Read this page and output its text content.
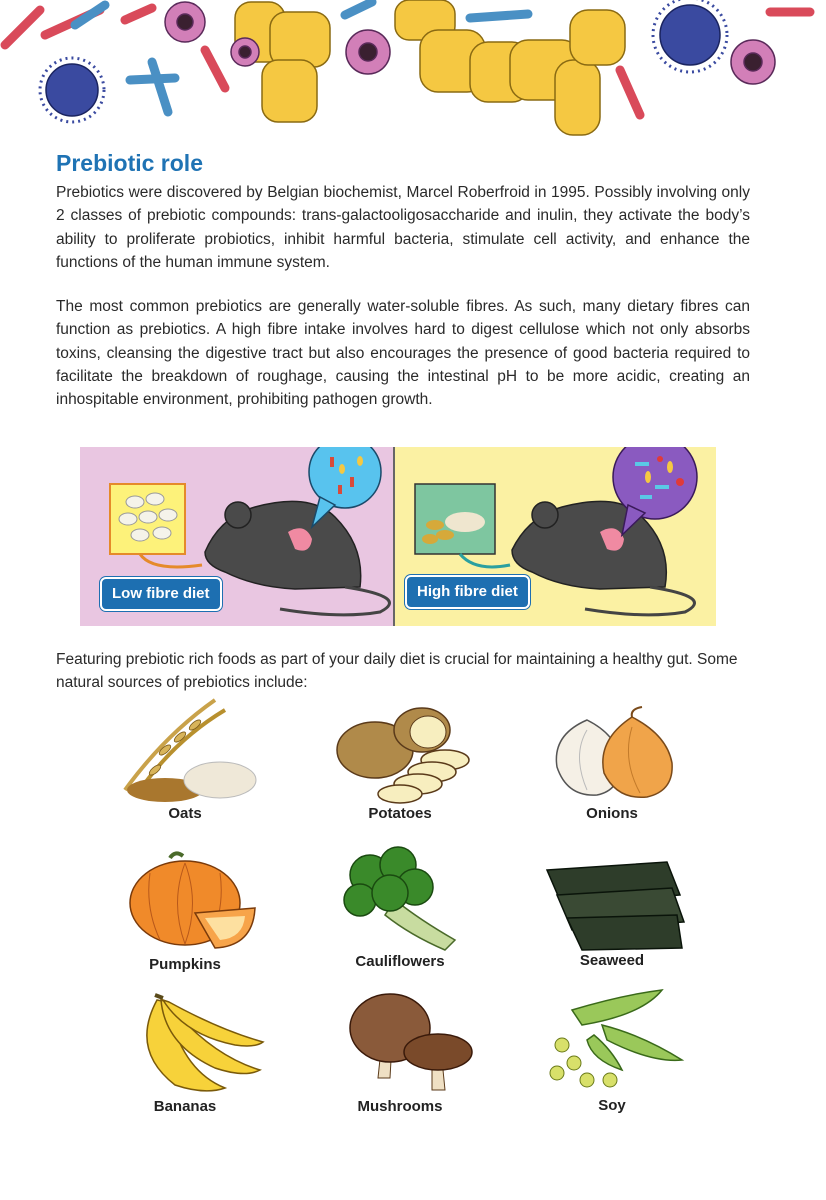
Prebiotic role

Prebiotics were discovered by Belgian biochemist, Marcel Roberfroid in 1995. Possibly involving only 2 classes of prebiotic compounds: trans-galactooligosaccharide and inulin, they activate the body’s ability to proliferate probiotics, inhibit harmful bacteria, stimulate cell activity, and enhance the functions of the human immune system.

The most common prebiotics are generally water-soluble fibres. As such, many dietary fibres can function as prebiotics. A high fibre intake involves hard to digest cellulose which not only absorbs toxins, cleansing the digestive tract but also encourages the presence of good bacteria required to facilitate the breakdown of roughage, causing the intestinal pH to be more acidic, creating an inhospitable environment, prohibiting pathogen growth.

Low fibre diet	High fibre diet

Featuring prebiotic rich foods as part of your daily diet is crucial for maintaining a healthy gut. Some natural sources of prebiotics include:

Oats	Potatoes	Onions
Pumpkins	Cauliflowers	Seaweed
Bananas	Mushrooms	Soy
